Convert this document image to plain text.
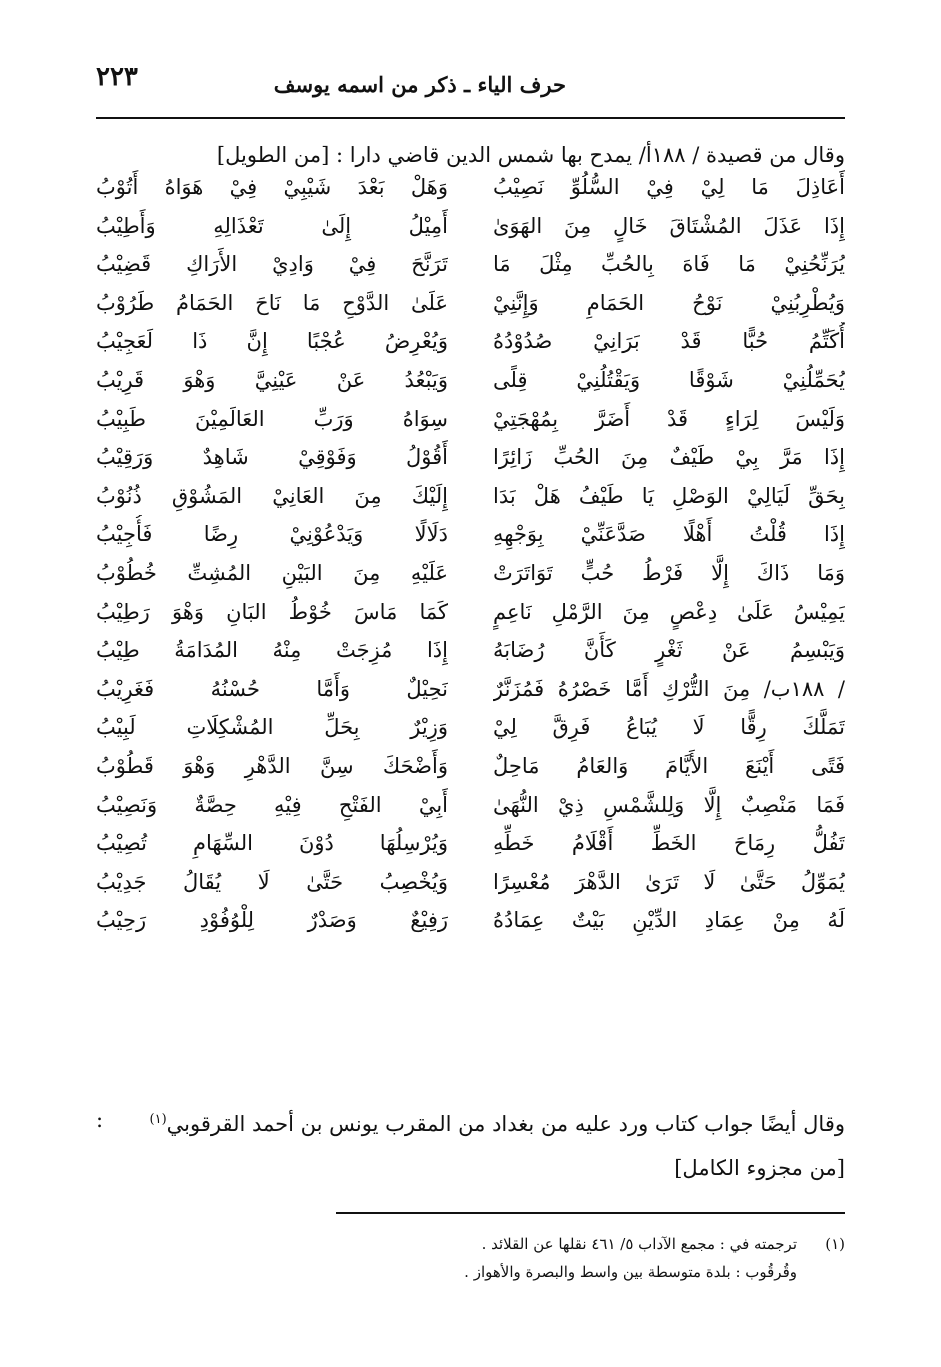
٢٢٣	حرف الياء ـ ذكر من اسمه يوسف
وقال من قصيدة / ١٨٨أ/ يمدح بها شمس الدين قاضي دارا : [من الطويل]
أَعَاذِلَ مَا لِيْ فِيْ السُّلُوِّ نَصِيْبُ
وَهَلْ بَعْدَ شَيْبِيْ فِيْ هَوَاهُ أَتُوْبُ
إِذَا عَذَلَ المُشْتَاقَ خَالٍ مِنَ الهَوَىٰ
أَمِيْلُ إِلَىٰ تَعْذَالِهِ وَأَطِيْبُ
يُرَنِّحُنِيْ مَا فَاهَ بِالحُبِّ مِثْلَ مَا
تَرَنَّحَ فِيْ وَادِيْ الأَرَاكِ قَضِيْبُ
وَيُطْرِبُنِيْ نَوْحُ الحَمَامِ وَإِنَّنِيْ
عَلَىٰ الدَّوْحِ مَا نَاحَ الحَمَامُ طَرُوْبُ
أُكَتِّمُ حُبًّا قَدْ بَرَانِيْ صُدُوْدُهُ
وَيُعْرِضُ عُجْبًا إِنَّ ذَا لَعَجِيْبُ
يُحَمِّلُنِيْ شَوْقًا وَيَقْتُلُنِيْ قِلًى
وَيَبْعُدُ عَنْ عَيْنِيَّ وَهْوَ قَرِيْبُ
وَلَيْسَ لِرَاءٍ قَدْ أَضَرَّ بِمُهْجَتِيْ
سِوَاهُ وَرَبِّ العَالَمِيْنَ طَبِيْبُ
إِذَا مَرَّ بِيْ طَيْفٌ مِنَ الحُبِّ زَائِرًا
أَقُوْلُ وَفَوْقِيْ شَاهِدٌ وَرَقِيْبُ
بِحَقِّ لَيَالِيْ الوَصْلِ يَا طَيْفُ هَلْ بَدَا
إِلَيْكَ مِنَ العَانِيْ المَشُوْقِ ذُنُوْبُ
إِذَا قُلْتُ أَهْلًا صَدَّعَنِّيْ بِوَجْهِهِ
دَلَالًا وَيَدْعُوْنِيْ رِضًا فَأُجِيْبُ
وَمَا ذَاكَ إِلَّا فَرْطُ حُبٍّ تَوَاتَرَتْ
عَلَيْهِ مِنَ البَيْنِ المُشِتِّ خُطُوْبُ
يَمِيْسُ عَلَىٰ دِعْصٍ مِنَ الرَّمْلِ نَاعِمٍ
كَمَا مَاسَ خُوْطُ البَانِ وَهْوَ رَطِيْبُ
وَيَبْسِمُ عَنْ ثَغْرٍ كَأَنَّ رُضَابَهُ
إِذَا مُزِجَتْ مِنْهُ المُدَامَةُ طِيْبُ
/ ١٨٨ب/ مِنَ التُّرْكِ أَمَّا خَصْرُهُ فَمُزَنَّرٌ
نَحِيْلٌ وَأَمَّا حُسْنُهُ فَغَرِيْبُ
تَمَلَّكَ رِقًّا لَا يُبَاعُ فَرِقَّ لِيْ
وَزِيْرٌ بِحَلِّ المُشْكِلَاتِ لَبِيْبُ
فَتًى أَيْنَعَ الأَيَّامَ وَالعَامُ مَاحِلٌ
وَأَضْحَكَ سِنَّ الدَّهْرِ وَهْوَ قَطُوْبُ
فَمَا مَنْصِبٌ إِلَّا وَلِلشَّمْسِ ذِيْ النُّهَىٰ
أَبِيْ الفَتْحِ فِيْهِ حِصَّةٌ وَنَصِيْبُ
تَفُلُّ رِمَاحَ الخَطِّ أَقْلَامُ خَطِّهِ
وَيُرْسِلُهَا دُوْنَ السِّهَامِ تُصِيْبُ
يُمَوِّلُ حَتَّىٰ لَا تَرَىٰ الدَّهْرَ مُعْسِرًا
وَيُخْصِبُ حَتَّىٰ لَا يُقَالُ جَدِيْبُ
لَهُ مِنْ عِمَادِ الدِّيْنِ بَيْتٌ عِمَادُهُ
رَفِيْعٌ وَصَدْرٌ لِلْوُفُوْدِ رَحِيْبُ
وقال أيضًا جواب كتاب ورد عليه من بغداد من المقرب يونس بن أحمد القرقوبي$^{(١)}$
:
[من مجزوء الكامل]
(١)
ترجمته في : مجمع الآداب ٥/ ٤٦١ نقلها عن القلائد .
وقُرقُوب : بلدة متوسطة بين واسط والبصرة والأهواز .
